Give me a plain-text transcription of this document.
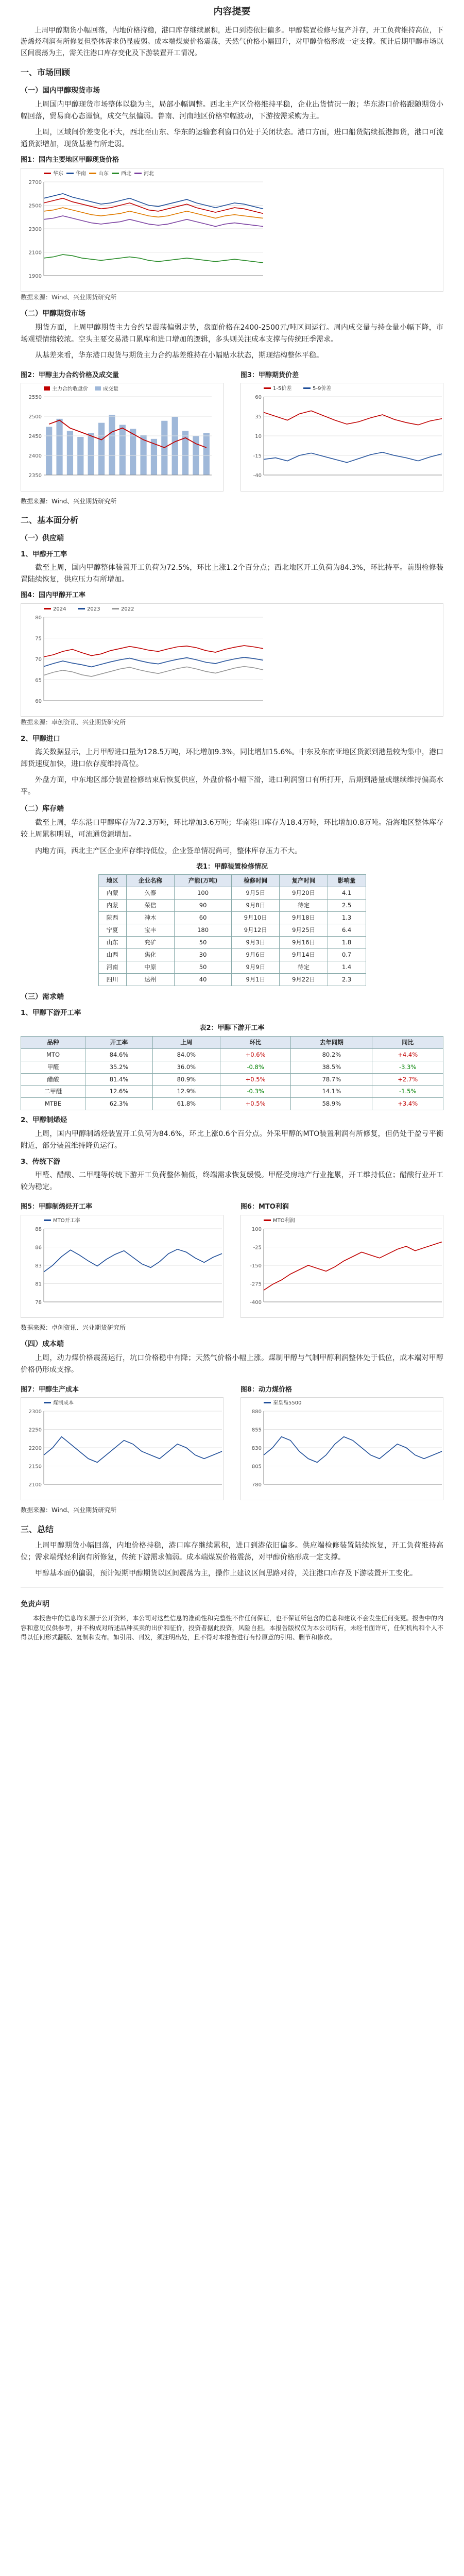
内容提要

上周甲醇期货小幅回落，内地价格持稳，港口库存继续累积，进口到港依旧偏多。甲醇装置检修与复产并存，开工负荷维持高位，下游烯烃利润有所修复但整体需求仍显疲弱。成本端煤炭价格震荡，天然气价格小幅回升，对甲醇价格形成一定支撑。预计后期甲醇市场以区间震荡为主，需关注港口库存变化及下游装置开工情况。

一、市场回顾
（一）国内甲醇现货市场

上周国内甲醇现货市场整体以稳为主，局部小幅调整。西北主产区价格维持平稳，企业出货情况一般；华东港口价格跟随期货小幅回落，贸易商心态谨慎，成交气氛偏弱。鲁南、河南地区价格窄幅波动，下游按需采购为主。

上周，区域间价差变化不大，西北至山东、华东的运输套利窗口仍处于关闭状态。港口方面，进口船货陆续抵港卸货，港口可流通货源增加，现货基差有所走弱。

图1：国内主要地区甲醇现货价格
1900
2100
2300
2500
2700
华东 华南 山东 西北 河北
数据来源：Wind、兴业期货研究所
（二）甲醇期货市场

期货方面，上周甲醇期货主力合约呈震荡偏弱走势，盘面价格在2400-2500元/吨区间运行。周内成交量与持仓量小幅下降，市场观望情绪较浓。空头主要交易港口累库和进口增加的逻辑，多头则关注成本支撑与传统旺季需求。

从基差来看，华东港口现货与期货主力合约基差维持在小幅贴水状态，期现结构整体平稳。

图2：甲醇主力合约价格及成交量
2350
2400
2450
2500
2550
主力合约收盘价	成交量
图3：甲醇期货价差
-40
-15
10
35
60
1-5价差	5-9价差
数据来源：Wind、兴业期货研究所
二、基本面分析
（一）供应端
1、甲醇开工率

截至上周，国内甲醇整体装置开工负荷为72.5%，环比上涨1.2个百分点；西北地区开工负荷为84.3%，环比持平。前期检修装置陆续恢复，供应压力有所增加。

图4：国内甲醇开工率
60
65
70
75
80
2024	2023	2022
数据来源：卓创资讯、兴业期货研究所
2、甲醇进口

海关数据显示，上月甲醇进口量为128.5万吨，环比增加9.3%，同比增加15.6%。中东及东南亚地区货源到港量较为集中，港口卸货速度加快，进口依存度维持高位。

外盘方面，中东地区部分装置检修结束后恢复供应，外盘价格小幅下滑，进口利润窗口有所打开，后期到港量或继续维持偏高水平。

（二）库存端

截至上周，华东港口甲醇库存为72.3万吨，环比增加3.6万吨；华南港口库存为18.4万吨，环比增加0.8万吨。沿海地区整体库存较上周累积明显，可流通货源增加。

内地方面，西北主产区企业库存维持低位，企业签单情况尚可，整体库存压力不大。

表1：甲醇装置检修情况
地区	企业名称	产能(万吨)	检修时间	复产时间	影响量
内蒙	久泰	100	9月5日	9月20日	4.1
内蒙	荣信	90	9月8日	待定	2.5
陕西	神木	60	9月10日	9月18日	1.3
宁夏	宝丰	180	9月12日	9月25日	6.4
山东	兖矿	50	9月3日	9月16日	1.8
山西	焦化	30	9月6日	9月14日	0.7
河南	中原	50	9月9日	待定	1.4
四川	达州	40	9月1日	9月22日	2.3
（三）需求端
1、甲醇下游开工率
表2：甲醇下游开工率
品种	开工率	上周	环比	去年同期	同比
MTO	84.6%	84.0%	+0.6%	80.2%	+4.4%
甲醛	35.2%	36.0%	-0.8%	38.5%	-3.3%
醋酸	81.4%	80.9%	+0.5%	78.7%	+2.7%
二甲醚	12.6%	12.9%	-0.3%	14.1%	-1.5%
MTBE	62.3%	61.8%	+0.5%	58.9%	+3.4%
2、甲醇制烯烃

上周，国内甲醇制烯烃装置开工负荷为84.6%，环比上涨0.6个百分点。外采甲醇的MTO装置利润有所修复，但仍处于盈亏平衡附近，部分装置维持降负运行。

3、传统下游

甲醛、醋酸、二甲醚等传统下游开工负荷整体偏低，终端需求恢复缓慢。甲醛受房地产行业拖累，开工维持低位；醋酸行业开工较为稳定。

图5：甲醇制烯烃开工率
78
81
83
86
88
MTO开工率
图6：MTO利润
-400
-275
-150
-25
100
MTO利润
数据来源：卓创资讯、兴业期货研究所
（四）成本端

上周，动力煤价格震荡运行，坑口价格稳中有降；天然气价格小幅上涨。煤制甲醇与气制甲醇利润整体处于低位，成本端对甲醇价格仍形成支撑。

图7：甲醇生产成本
2100
2150
2200
2250
2300
煤制成本
图8：动力煤价格
780
805
830
855
880
秦皇岛5500
数据来源：Wind、兴业期货研究所
三、总结

上周甲醇期货小幅回落，内地价格持稳，港口库存继续累积，进口到港依旧偏多。供应端检修装置陆续恢复，开工负荷维持高位；需求端烯烃利润有所修复，传统下游需求偏弱。成本端煤炭价格震荡，对甲醇价格形成一定支撑。

甲醇基本面仍偏弱，预计短期甲醇期货以区间震荡为主，操作上建议区间思路对待，关注港口库存及下游装置开工变化。

免责声明

本报告中的信息均来源于公开资料，本公司对这些信息的准确性和完整性不作任何保证，也不保证所包含的信息和建议不会发生任何变更。报告中的内容和意见仅供参考，并不构成对所述品种买卖的出价和征价，投资者据此投资，风险自担。本报告版权仅为本公司所有，未经书面许可，任何机构和个人不得以任何形式翻版、复制和发布。如引用、刊发，须注明出处，且不得对本报告进行有悖原意的引用、删节和修改。
